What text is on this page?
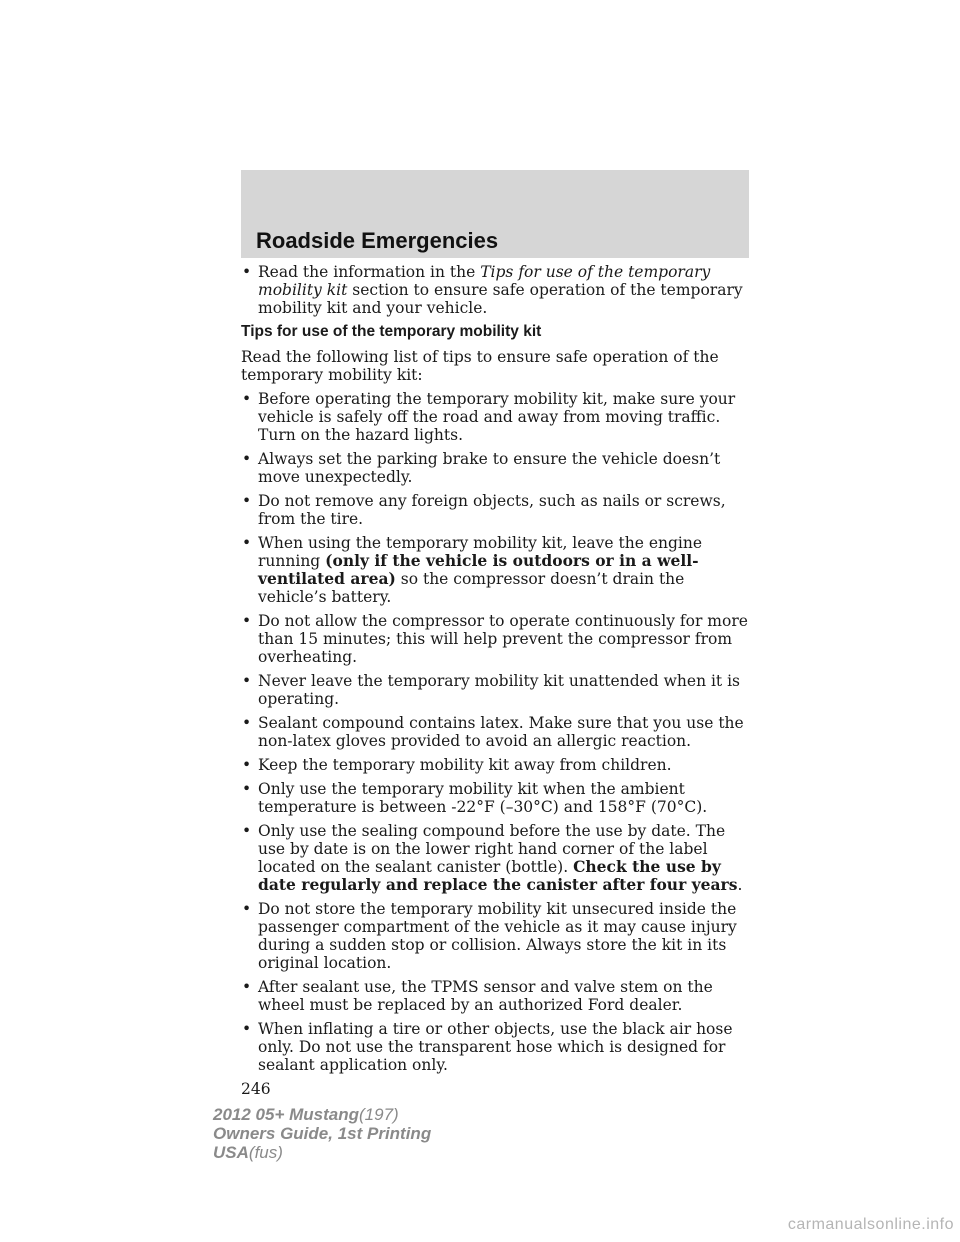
Roadside Emergencies
• Read the information in the Tips for use of the temporary mobility kit section to ensure safe operation of the temporary mobility kit and your vehicle.
Tips for use of the temporary mobility kit

Read the following list of tips to ensure safe operation of the temporary mobility kit:

• Before operating the temporary mobility kit, make sure your vehicle is safely off the road and away from moving traffic. Turn on the hazard lights.
• Always set the parking brake to ensure the vehicle doesn’t move unexpectedly.
• Do not remove any foreign objects, such as nails or screws, from the tire.
• When using the temporary mobility kit, leave the engine running (only if the vehicle is outdoors or in a well-ventilated area) so the compressor doesn’t drain the vehicle’s battery.
• Do not allow the compressor to operate continuously for more than 15 minutes; this will help prevent the compressor from overheating.
• Never leave the temporary mobility kit unattended when it is operating.
• Sealant compound contains latex. Make sure that you use the non-latex gloves provided to avoid an allergic reaction.
• Keep the temporary mobility kit away from children.
• Only use the temporary mobility kit when the ambient temperature is between -22°F (–30°C) and 158°F (70°C).
• Only use the sealing compound before the use by date. The use by date is on the lower right hand corner of the label located on the sealant canister (bottle). Check the use by date regularly and replace the canister after four years.
• Do not store the temporary mobility kit unsecured inside the passenger compartment of the vehicle as it may cause injury during a sudden stop or collision. Always store the kit in its original location.
• After sealant use, the TPMS sensor and valve stem on the wheel must be replaced by an authorized Ford dealer.
• When inflating a tire or other objects, use the black air hose only. Do not use the transparent hose which is designed for sealant application only.
246
2012 05+ Mustang(197)
Owners Guide, 1st Printing
USA(fus)
carmanualsonline.info
